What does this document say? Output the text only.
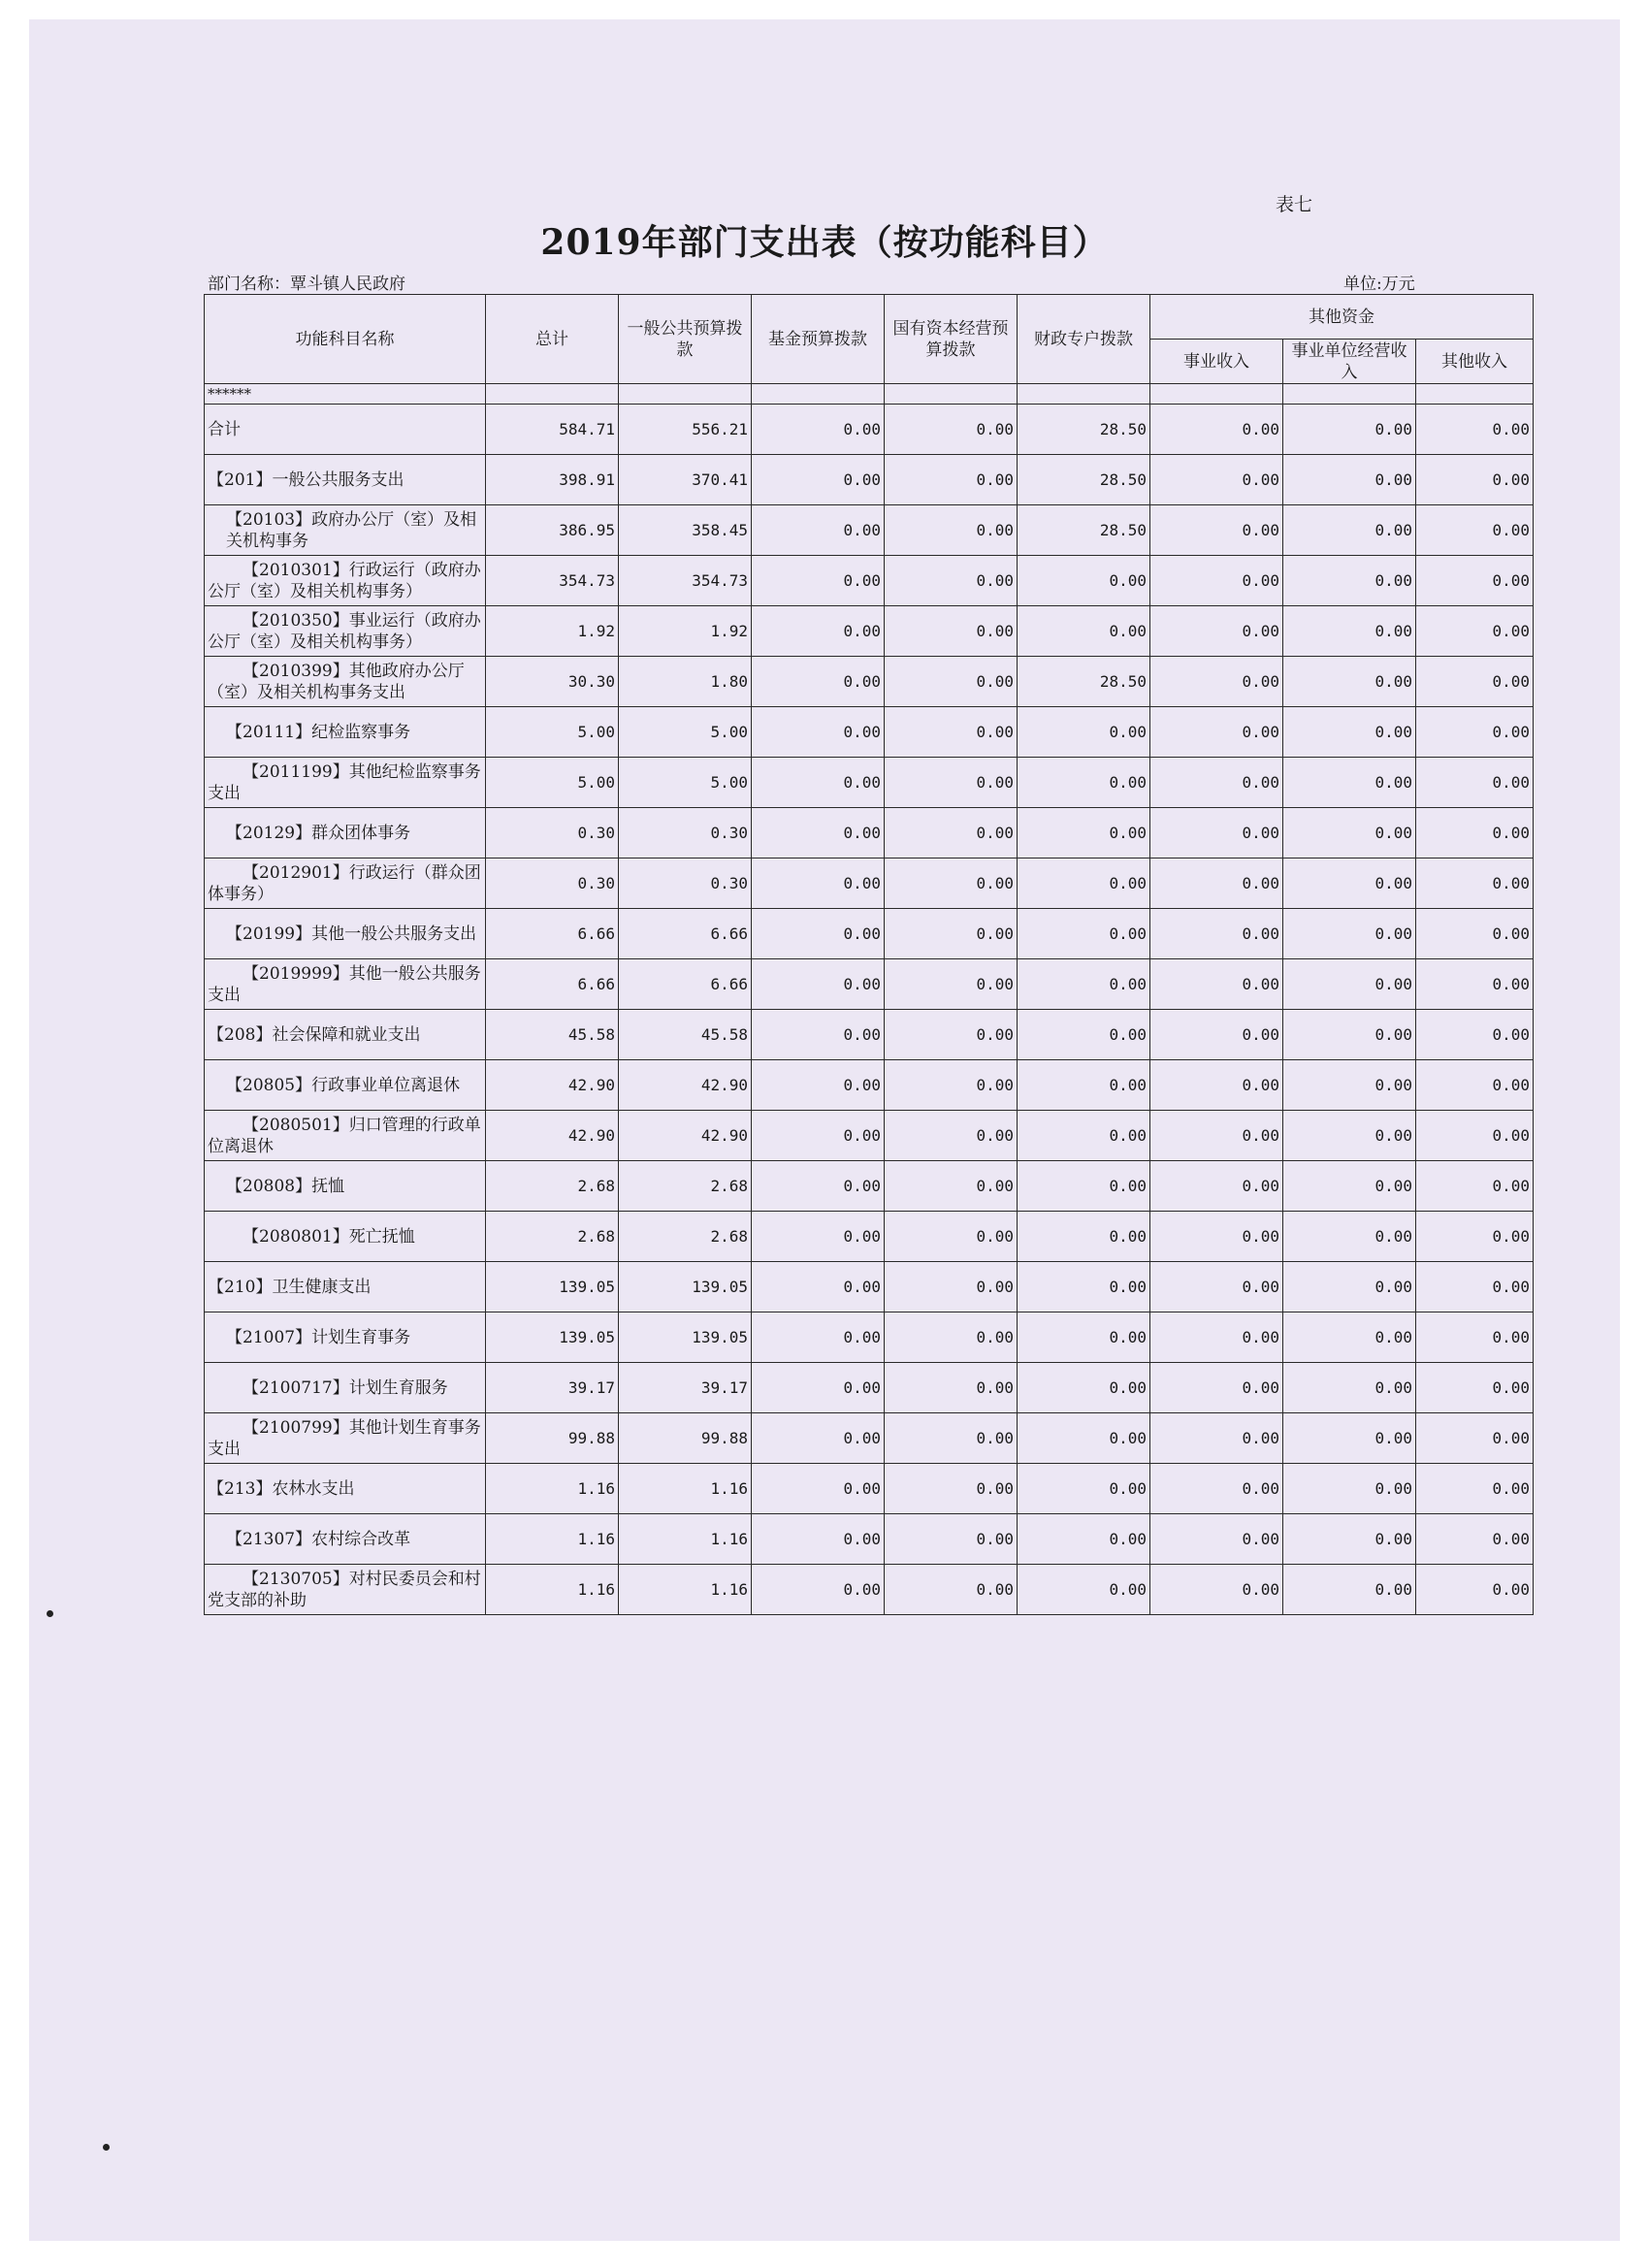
表七
2019年部门支出表（按功能科目）
部门名称：覃斗镇人民政府	单位:万元
功能科目名称	总计	一般公共预算拨款	基金预算拨款	国有资本经营预算拨款	财政专户拨款	其他资金		
						事业收入	事业单位经营收入	其他收入
******								
合计	584.71	556.21	0.00	0.00	28.50	0.00	0.00	0.00
【201】一般公共服务支出	398.91	370.41	0.00	0.00	28.50	0.00	0.00	0.00
【20103】政府办公厅（室）及相关机构事务	386.95	358.45	0.00	0.00	28.50	0.00	0.00	0.00
【2010301】行政运行（政府办公厅（室）及相关机构事务）	354.73	354.73	0.00	0.00	0.00	0.00	0.00	0.00
【2010350】事业运行（政府办公厅（室）及相关机构事务）	1.92	1.92	0.00	0.00	0.00	0.00	0.00	0.00
【2010399】其他政府办公厅（室）及相关机构事务支出	30.30	1.80	0.00	0.00	28.50	0.00	0.00	0.00
【20111】纪检监察事务	5.00	5.00	0.00	0.00	0.00	0.00	0.00	0.00
【2011199】其他纪检监察事务支出	5.00	5.00	0.00	0.00	0.00	0.00	0.00	0.00
【20129】群众团体事务	0.30	0.30	0.00	0.00	0.00	0.00	0.00	0.00
【2012901】行政运行（群众团体事务）	0.30	0.30	0.00	0.00	0.00	0.00	0.00	0.00
【20199】其他一般公共服务支出	6.66	6.66	0.00	0.00	0.00	0.00	0.00	0.00
【2019999】其他一般公共服务支出	6.66	6.66	0.00	0.00	0.00	0.00	0.00	0.00
【208】社会保障和就业支出	45.58	45.58	0.00	0.00	0.00	0.00	0.00	0.00
【20805】行政事业单位离退休	42.90	42.90	0.00	0.00	0.00	0.00	0.00	0.00
【2080501】归口管理的行政单位离退休	42.90	42.90	0.00	0.00	0.00	0.00	0.00	0.00
【20808】抚恤	2.68	2.68	0.00	0.00	0.00	0.00	0.00	0.00
【2080801】死亡抚恤	2.68	2.68	0.00	0.00	0.00	0.00	0.00	0.00
【210】卫生健康支出	139.05	139.05	0.00	0.00	0.00	0.00	0.00	0.00
【21007】计划生育事务	139.05	139.05	0.00	0.00	0.00	0.00	0.00	0.00
【2100717】计划生育服务	39.17	39.17	0.00	0.00	0.00	0.00	0.00	0.00
【2100799】其他计划生育事务支出	99.88	99.88	0.00	0.00	0.00	0.00	0.00	0.00
【213】农林水支出	1.16	1.16	0.00	0.00	0.00	0.00	0.00	0.00
【21307】农村综合改革	1.16	1.16	0.00	0.00	0.00	0.00	0.00	0.00
【2130705】对村民委员会和村党支部的补助	1.16	1.16	0.00	0.00	0.00	0.00	0.00	0.00
